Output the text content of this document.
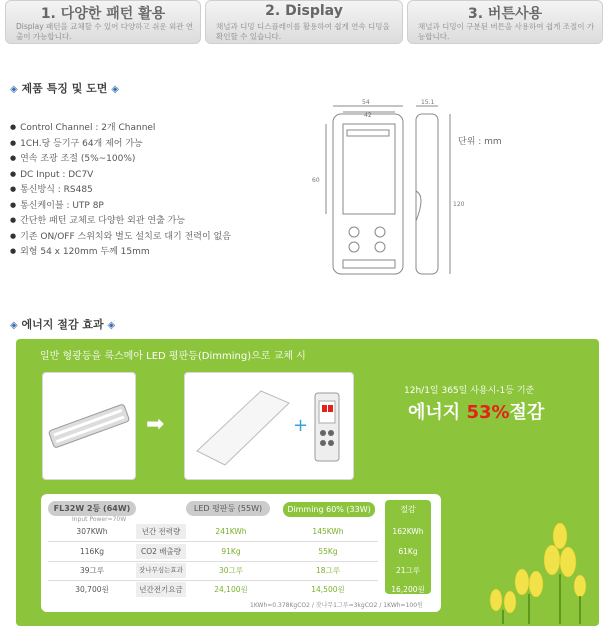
1. 다양한 패턴 활용
Display 패턴을 교체할 수 있어 다양하고 쉬운 외관 연출이 가능합니다.
2. Display
채널과 디밍 디스플레이를 활용하여 쉽게 연속 디밍을 확인할 수 있습니다.
3. 버튼사용
채널과 디밍이 구분된 버튼을 사용하여 쉽게 조절이 가능합니다.
◈ 제품 특징 및 도면 ◈
● Control Channel : 2개 Channel
● 1CH.당 등기구 64개 제어 가능
● 연속 조광 조절 (5%~100%)
● DC Input : DC7V
● 통신방식 : RS485
● 통신케이블 : UTP 8P
● 간단한 패턴 교체로 다양한 외관 연출 가능
● 기존 ON/OFF 스위치와 별도 설치로 대기 전력이 없음
● 외형 54 x 120mm 두께 15mm
54
42
15.1
60
120
단위 : mm
◈ 에너지 절감 효과 ◈
일반 형광등을 룩스메아 LED 평판등(Dimming)으로 교체 시
➡	+
12h/1일 365일 사용시-1등 기준
에너지 53%절감
FL32W 2등 (64W)
Input Power=70W
LED 평판등 (55W)	Dimming 60% (33W)	절감
307KWh	년간 전력량	241KWh	145KWh	162KWh
116Kg	CO2 배출량	91Kg	55Kg	61Kg
39그루	잣나무심는효과	30그루	18그루	21그루
30,700원	년간전기요금	24,100원	14,500원	16,200원
1KWh=0.378KgCO2 / 잣나무1그루=3kgCO2 / 1KWh=100원
